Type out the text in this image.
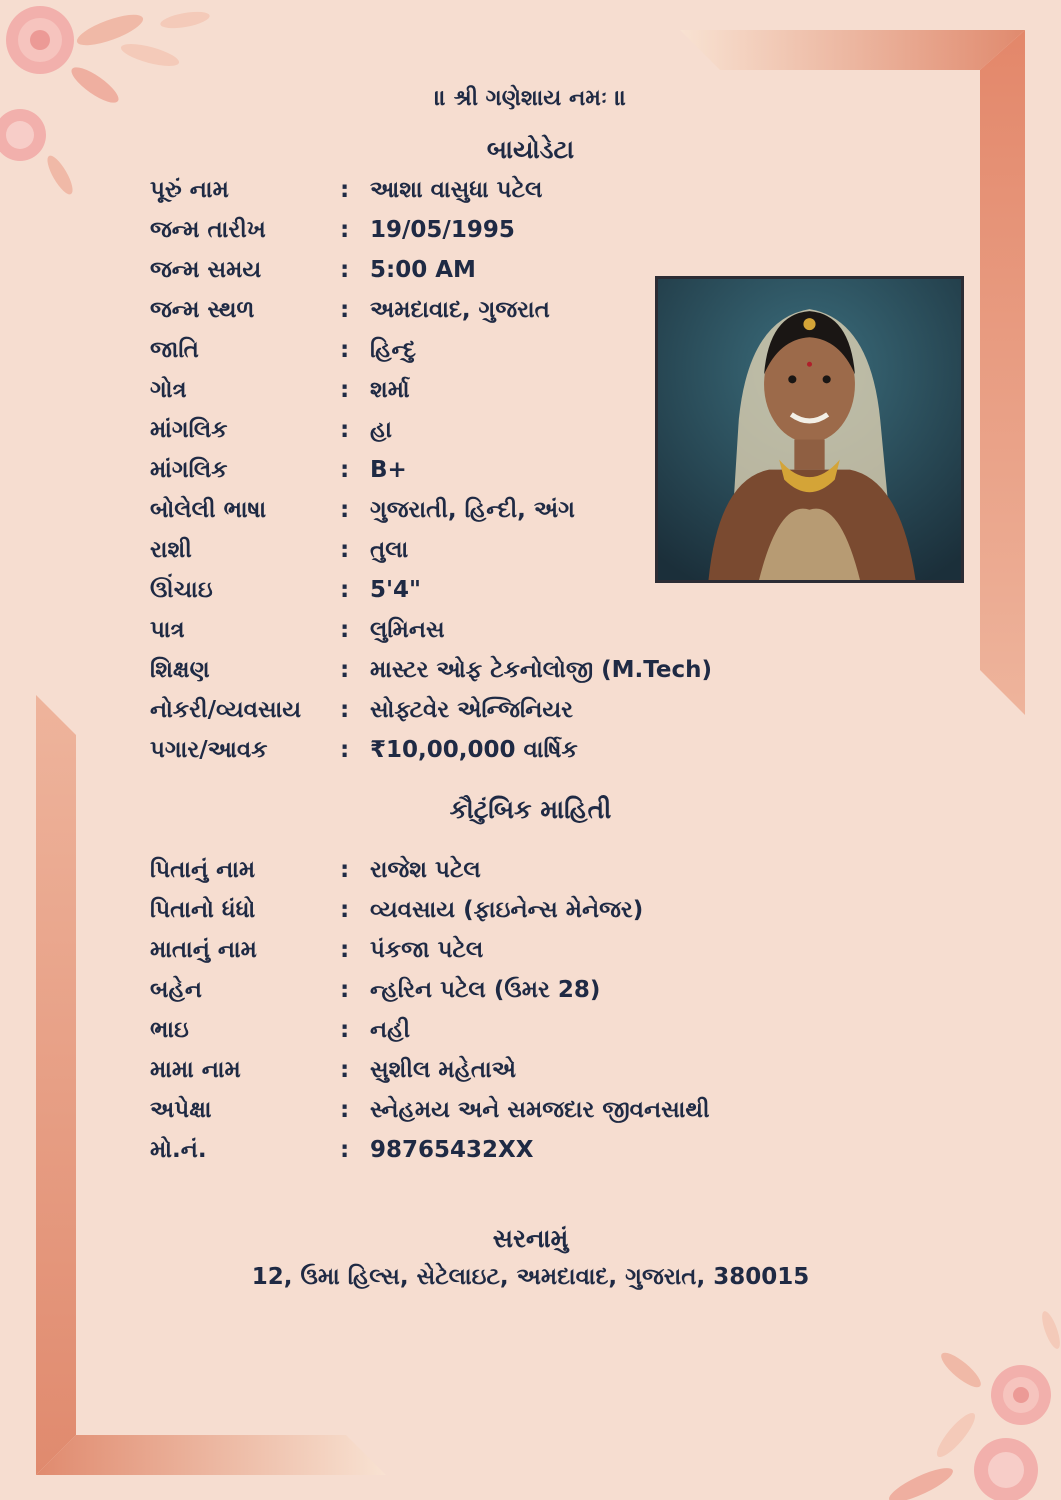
॥ શ્રી ગણેશાય નમઃ ॥
બાયોડેટા
પૂરું નામ	: આશા વાસુધા પટેલ
જન્મ તારીખ	: 19/05/1995
જન્મ સમય	: 5:00 AM
જન્મ સ્થળ	: અમદાવાદ, ગુજરાત
જાતિ	: હિન્દુ
ગોત્ર	: શર્મા
માંગલિક	: હા
માંગલિક	: B+
બોલેલી ભાષા	: ગુજરાતી, હિન્દી, અંગ
રાશી	: તુલા
ઊંચાઇ	: 5'4"
પાત્ર	: લુમિનસ
શિક્ષણ	: માસ્ટર ઓફ ટેકનોલોજી (M.Tech)
નોકરી/વ્યવસાય	: સોફ્ટવેર એન્જિનિયર
પગાર/આવક	: ₹10,00,000 વાર્ષિક
કૌટુંબિક માહિતી
પિતાનું નામ	: રાજેશ પટેલ
પિતાનો ધંધો	: વ્યવસાય (ફાઇનેન્સ મેનેજર)
માતાનું નામ	: પંકજા પટેલ
બહેન	: ન્હરિન પટેલ (ઉમર 28)
ભાઇ	: નહી
મામા નામ	: સુશીલ મહેતાએ
અપેક્ષા	: સ્નેહમય અને સમજદાર જીવનસાથી
મો.નં.	: 98765432XX
સરનામું
12, ઉમા હિલ્સ, સેટેલાઇટ, અમદાવાદ, ગુજરાત, 380015
